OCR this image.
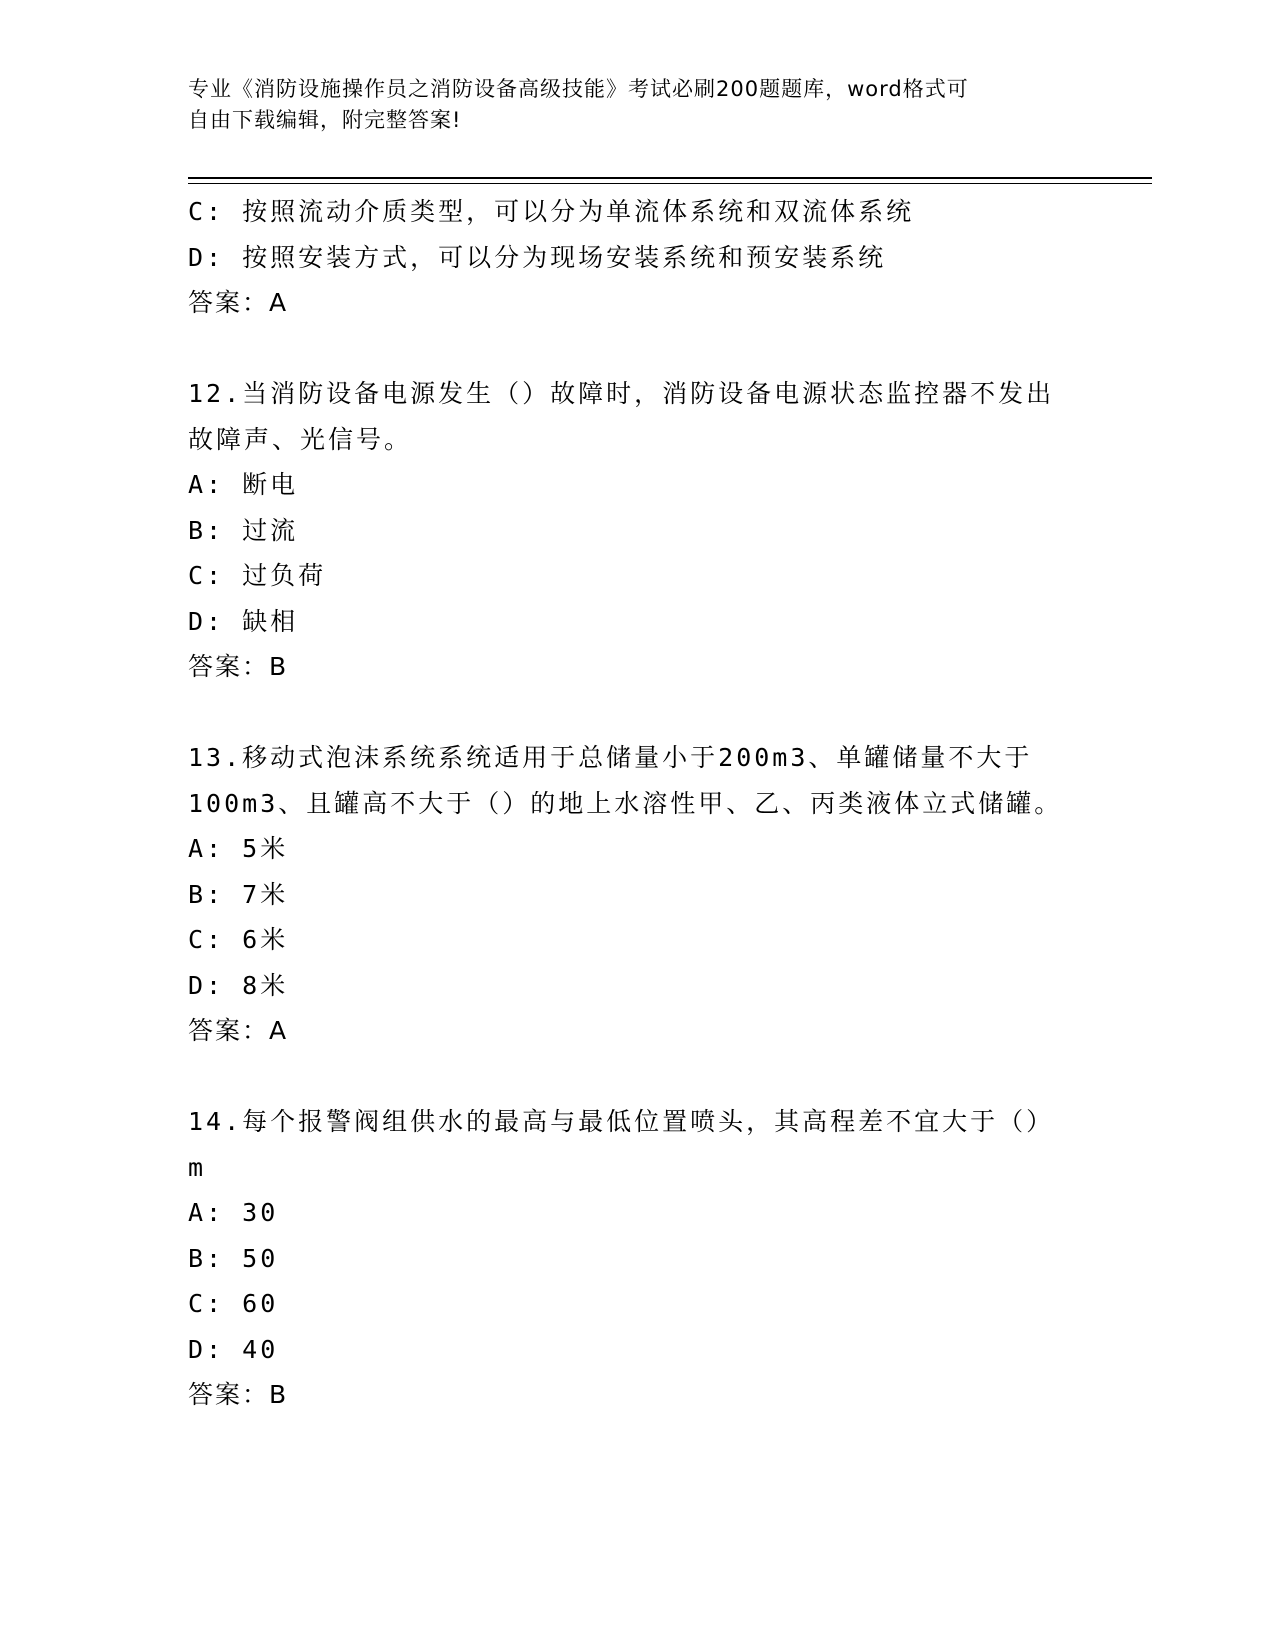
专业《消防设施操作员之消防设备高级技能》考试必刷200题题库，word格式可
自由下载编辑，附完整答案!
C: 按照流动介质类型，可以分为单流体系统和双流体系统
D: 按照安装方式，可以分为现场安装系统和预安装系统
答案：A
12.当消防设备电源发生（）故障时，消防设备电源状态监控器不发出
故障声、光信号。
A: 断电
B: 过流
C: 过负荷
D: 缺相
答案：B
13.移动式泡沫系统系统适用于总储量小于200m3、单罐储量不大于
100m3、且罐高不大于（）的地上水溶性甲、乙、丙类液体立式储罐。
A: 5米
B: 7米
C: 6米
D: 8米
答案：A
14.每个报警阀组供水的最高与最低位置喷头，其高程差不宜大于（）
m
A: 30
B: 50
C: 60
D: 40
答案：B
